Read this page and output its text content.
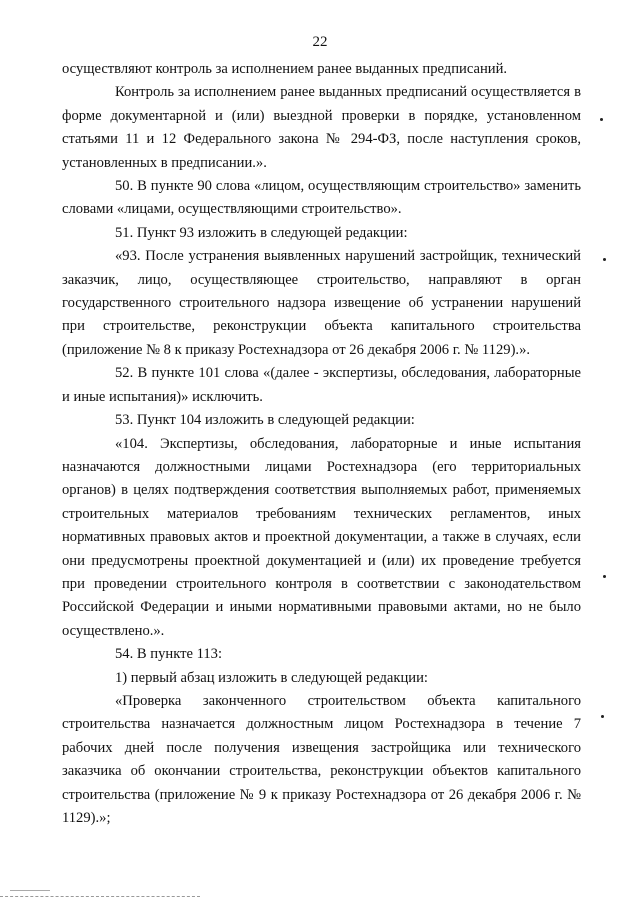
22

осуществляют контроль за исполнением ранее выданных предписаний.

Контроль за исполнением ранее выданных предписаний осуществляется в форме документарной и (или) выездной проверки в порядке, установленном статьями 11 и 12 Федерального закона № 294-ФЗ, после наступления сроков, установленных в предписании.».

50. В пункте 90 слова «лицом, осуществляющим строительство» заменить словами «лицами, осуществляющими строительство».

51. Пункт 93 изложить в следующей редакции:

«93. После устранения выявленных нарушений застройщик, технический заказчик, лицо, осуществляющее строительство, направляют в орган государственного строительного надзора извещение об устранении нарушений при строительстве, реконструкции объекта капитального строительства (приложение № 8 к приказу Ростехнадзора от 26 декабря 2006 г. № 1129).».

52. В пункте 101 слова «(далее - экспертизы, обследования, лабораторные и иные испытания)» исключить.

53. Пункт 104 изложить в следующей редакции:

«104. Экспертизы, обследования, лабораторные и иные испытания назначаются должностными лицами Ростехнадзора (его территориальных органов) в целях подтверждения соответствия выполняемых работ, применяемых строительных материалов требованиям технических регламентов, иных нормативных правовых актов и проектной документации, а также в случаях, если они предусмотрены проектной документацией и (или) их проведение требуется при проведении строительного контроля в соответствии с законодательством Российской Федерации и иными нормативными правовыми актами, но не было осуществлено.».

54. В пункте 113:

1) первый абзац изложить в следующей редакции:

«Проверка законченного строительством объекта капитального строительства назначается должностным лицом Ростехнадзора в течение 7 рабочих дней после получения извещения застройщика или технического заказчика об окончании строительства, реконструкции объектов капитального строительства (приложение № 9 к приказу Ростехнадзора от 26 декабря 2006 г. № 1129).»;
